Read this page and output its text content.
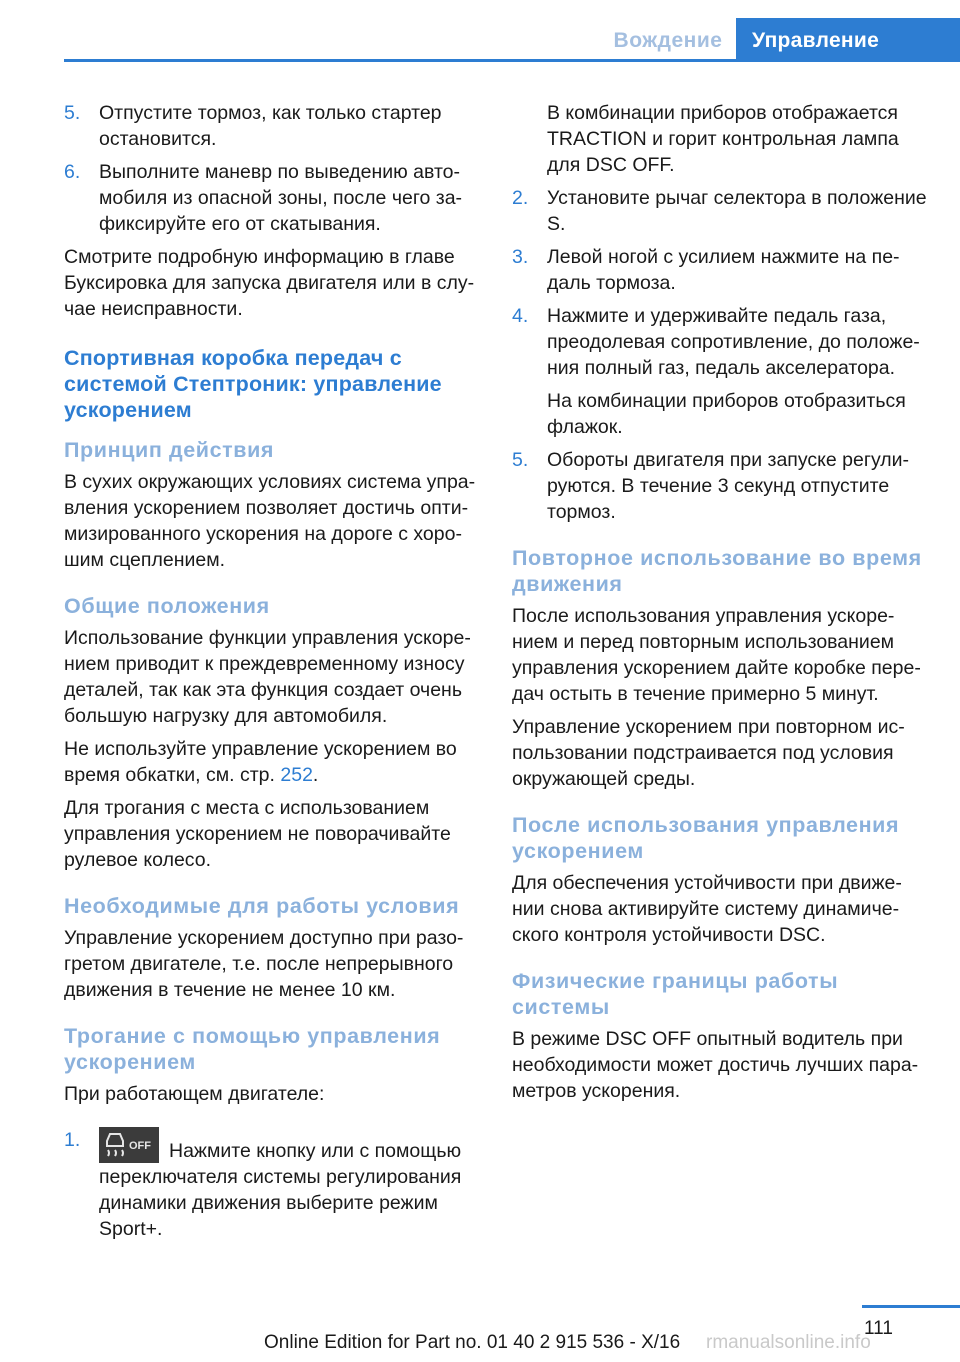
Вождение	Управление
5. Отпустите тормоз, как только стартер остановится.
6. Выполните маневр по выведению авто‐мобиля из опасной зоны, после чего за‐фиксируйте его от скатывания.

Смотрите подробную информацию в главе Буксировка для запуска двигателя или в слу‐чае неисправности.

Спортивная коробка передач с системой Стептроник: управление ускорением
Принцип действия

В сухих окружающих условиях система упра‐вления ускорением позволяет достичь опти‐мизированного ускорения на дороге с хоро‐шим сцеплением.

Общие положения

Использование функции управления ускоре‐нием приводит к преждевременному износу деталей, так как эта функция создает очень большую нагрузку для автомобиля.

Не используйте управление ускорением во время обкатки, см. стр. 252.

Для трогания с места с использованием управления ускорением не поворачивайте рулевое колесо.

Необходимые для работы условия

Управление ускорением доступно при разо‐гретом двигателе, т.е. после непрерывного движения в течение не менее 10 км.

Трогание с помощью управления ускорением

При работающем двигателе:

1.	OFF Нажмите кнопку или с помощью переключателя системы регулирования динамики движения выберите режим Sport+.

В комбинации приборов отображается TRACTION и горит контрольная лампа для DSC OFF.

2. Установите рычаг селектора в положение S.
3. Левой ногой с усилием нажмите на пе‐даль тормоза.
4. Нажмите и удерживайте педаль газа, преодолевая сопротивление, до положе‐ния полный газ, педаль акселератора.

На комбинации приборов отобразиться флажок.

5. Обороты двигателя при запуске регули‐руются. В течение 3 секунд отпустите тормоз.
Повторное использование во время движения

После использования управления ускоре‐нием и перед повторным использованием управления ускорением дайте коробке пере‐дач остыть в течение примерно 5 минут.

Управление ускорением при повторном ис‐пользовании подстраивается под условия окружающей среды.

После использования управления ускорением

Для обеспечения устойчивости при движе‐нии снова активируйте систему динамиче‐ского контроля устойчивости DSC.

Физические границы работы системы

В режиме DSC OFF опытный водитель при необходимости может достичь лучших пара‐метров ускорения.

111
Online Edition for Part no. 01 40 2 915 536 - X/16 rmanualsonline.info
